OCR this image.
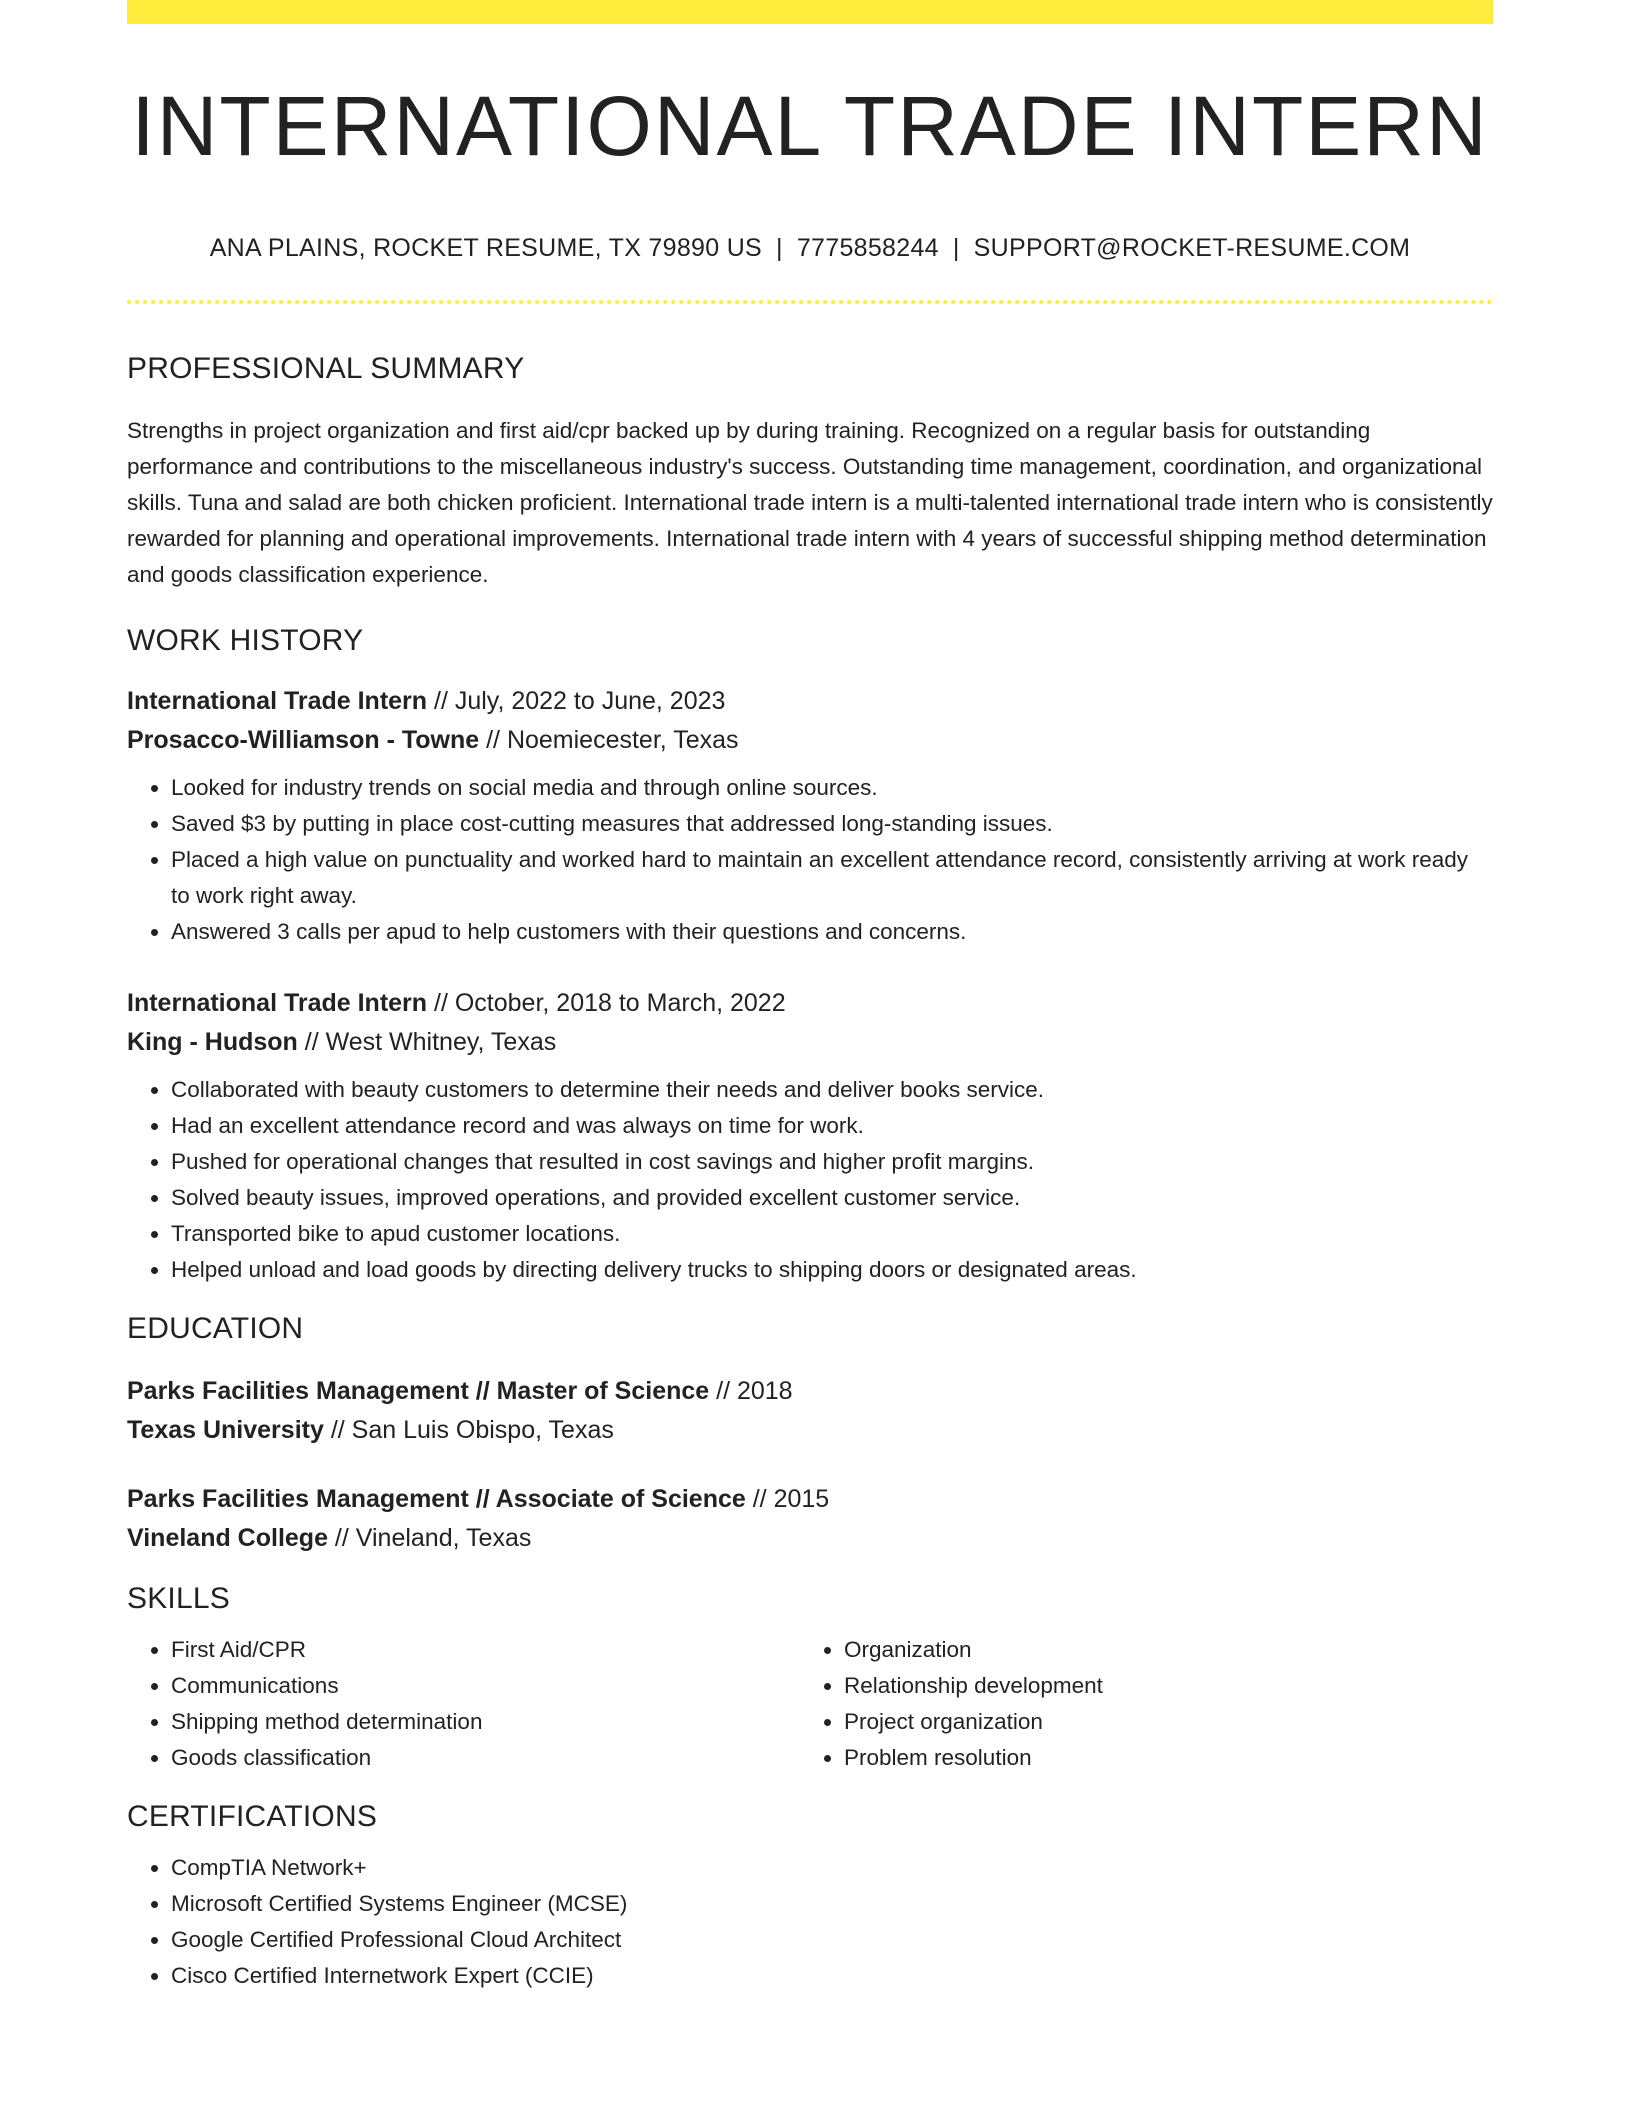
INTERNATIONAL TRADE INTERN
ANA PLAINS, ROCKET RESUME, TX 79890 US | 7775858244 | SUPPORT@ROCKET-RESUME.COM
PROFESSIONAL SUMMARY
Strengths in project organization and first aid/cpr backed up by during training. Recognized on a regular basis for outstanding performance and contributions to the miscellaneous industry's success. Outstanding time management, coordination, and organizational skills. Tuna and salad are both chicken proficient. International trade intern is a multi-talented international trade intern who is consistently rewarded for planning and operational improvements. International trade intern with 4 years of successful shipping method determination and goods classification experience.
WORK HISTORY
International Trade Intern // July, 2022 to June, 2023
Prosacco-Williamson - Towne // Noemiecester, Texas
• Looked for industry trends on social media and through online sources.
• Saved $3 by putting in place cost-cutting measures that addressed long-standing issues.
• Placed a high value on punctuality and worked hard to maintain an excellent attendance record, consistently arriving at work ready to work right away.
• Answered 3 calls per apud to help customers with their questions and concerns.
International Trade Intern // October, 2018 to March, 2022
King - Hudson // West Whitney, Texas
• Collaborated with beauty customers to determine their needs and deliver books service.
• Had an excellent attendance record and was always on time for work.
• Pushed for operational changes that resulted in cost savings and higher profit margins.
• Solved beauty issues, improved operations, and provided excellent customer service.
• Transported bike to apud customer locations.
• Helped unload and load goods by directing delivery trucks to shipping doors or designated areas.
EDUCATION
Parks Facilities Management // Master of Science // 2018
Texas University // San Luis Obispo, Texas
Parks Facilities Management // Associate of Science // 2015
Vineland College // Vineland, Texas
SKILLS
• First Aid/CPR
• Communications
• Shipping method determination
• Goods classification
• Organization
• Relationship development
• Project organization
• Problem resolution
CERTIFICATIONS
• CompTIA Network+
• Microsoft Certified Systems Engineer (MCSE)
• Google Certified Professional Cloud Architect
• Cisco Certified Internetwork Expert (CCIE)
